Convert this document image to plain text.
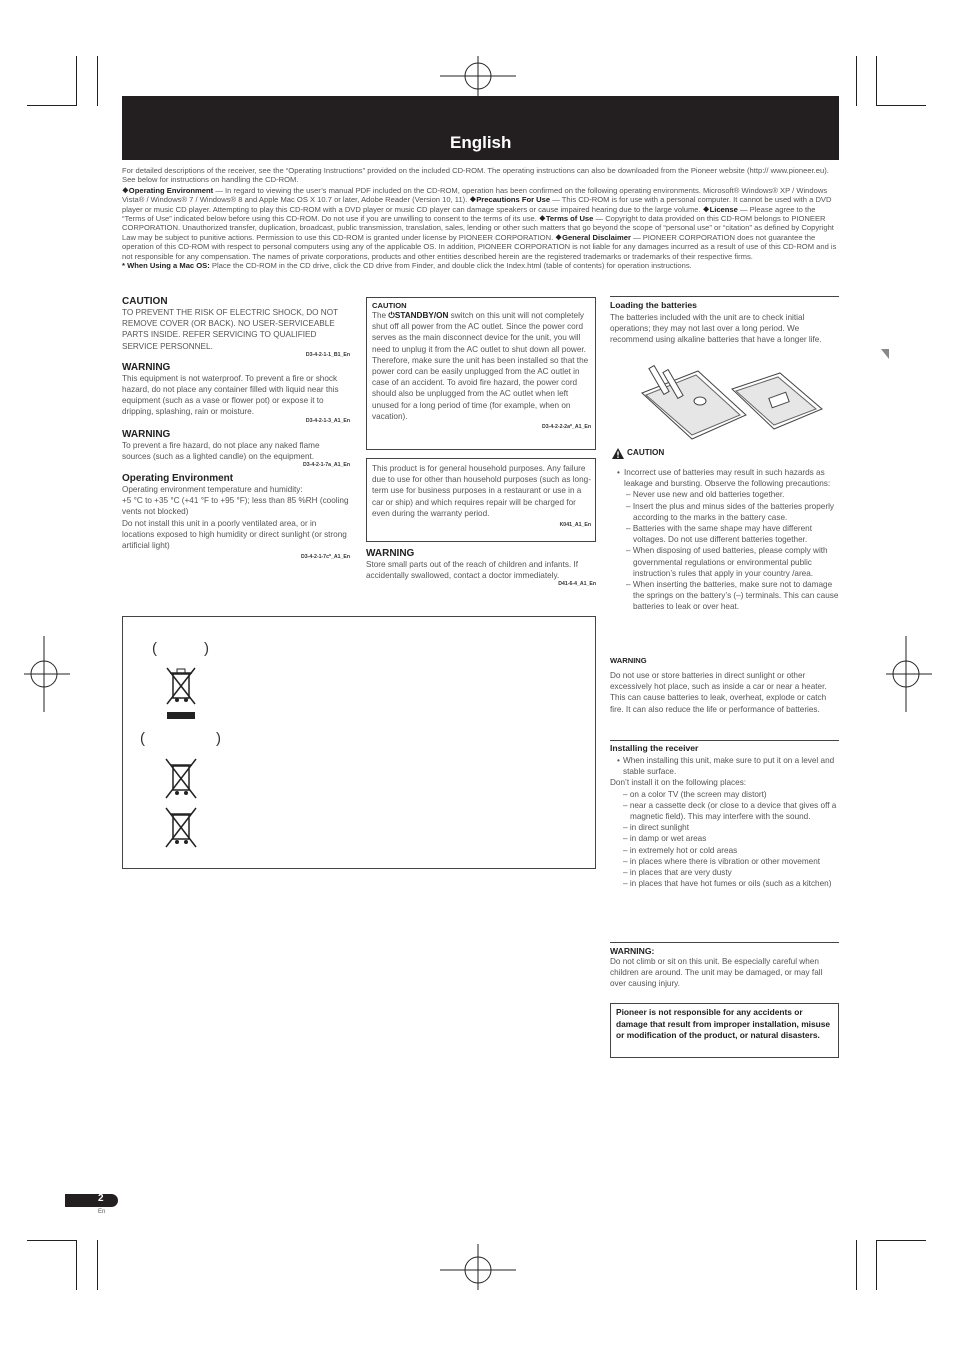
English
For detailed descriptions of the receiver, see the “Operating Instructions” provided on the included CD-ROM. The operating instructions can also be downloaded from the Pioneer website (http:// www.pioneer.eu). See below for instructions on handling the CD-ROM.
❖Operating Environment — In regard to viewing the user’s manual PDF included on the CD-ROM, operation has been confirmed on the following operating environments. Microsoft® Windows® XP / Windows Vista® / Windows® 7 / Windows® 8 and Apple Mac OS X 10.7 or later, Adobe Reader (Version 10, 11). ❖Precautions For Use — This CD-ROM is for use with a personal computer. It cannot be used with a DVD player or music CD player. Attempting to play this CD-ROM with a DVD player or music CD player can damage speakers or cause impaired hearing due to the large volume. ❖License — Please agree to the “Terms of Use” indicated below before using this CD-ROM. Do not use if you are unwilling to consent to the terms of its use. ❖Terms of Use — Copyright to data provided on this CD-ROM belongs to PIONEER CORPORATION. Unauthorized transfer, duplication, broadcast, public transmission, translation, sales, lending or other such matters that go beyond the scope of “personal use” or “citation” as defined by Copyright Law may be subject to punitive actions. Permission to use this CD-ROM is granted under license by PIONEER CORPORATION. ❖General Disclaimer — PIONEER CORPORATION does not guarantee the operation of this CD-ROM with respect to personal computers using any of the applicable OS. In addition, PIONEER CORPORATION is not liable for any damages incurred as a result of use of this CD-ROM and is not responsible for any compensation. The names of private corporations, products and other entities described herein are the registered trademarks or trademarks of their respective firms.
* When Using a Mac OS: Place the CD-ROM in the CD drive, click the CD drive from Finder, and double click the Index.html (table of contents) for operation instructions.
CAUTION
TO PREVENT THE RISK OF ELECTRIC SHOCK, DO NOT REMOVE COVER (OR BACK). NO USER-SERVICEABLE PARTS INSIDE. REFER SERVICING TO QUALIFIED SERVICE PERSONNEL.
D3-4-2-1-1_B1_En
WARNING
This equipment is not waterproof. To prevent a fire or shock hazard, do not place any container filled with liquid near this equipment (such as a vase or flower pot) or expose it to dripping, splashing, rain or moisture.
D3-4-2-1-3_A1_En
WARNING
To prevent a fire hazard, do not place any naked flame sources (such as a lighted candle) on the equipment.
D3-4-2-1-7a_A1_En
Operating Environment
Operating environment temperature and humidity:
+5 °C to +35 °C (+41 °F to +95 °F); less than 85 %RH (cooling vents not blocked)
Do not install this unit in a poorly ventilated area, or in locations exposed to high humidity or direct sunlight (or strong artificial light)
D3-4-2-1-7c*_A1_En
CAUTION
The ⏻STANDBY/ON switch on this unit will not completely shut off all power from the AC outlet. Since the power cord serves as the main disconnect device for the unit, you will need to unplug it from the AC outlet to shut down all power. Therefore, make sure the unit has been installed so that the power cord can be easily unplugged from the AC outlet in case of an accident. To avoid fire hazard, the power cord should also be unplugged from the AC outlet when left unused for a long period of time (for example, when on vacation).
D3-4-2-2-2a*_A1_En
This product is for general household purposes. Any failure due to use for other than household purposes (such as long-term use for business purposes in a restaurant or use in a car or ship) and which requires repair will be charged for even during the warranty period.
K041_A1_En
WARNING
Store small parts out of the reach of children and infants. If accidentally swallowed, contact a doctor immediately.
D41-6-4_A1_En
(	)
(	)
Loading the batteries
The batteries included with the unit are to check initial operations; they may not last over a long period. We recommend using alkaline batteries that have a longer life.
CAUTION
• Incorrect use of batteries may result in such hazards as leakage and bursting. Observe the following precautions:
– Never use new and old batteries together.
– Insert the plus and minus sides of the batteries properly according to the marks in the battery case.
– Batteries with the same shape may have different voltages. Do not use different batteries together.
– When disposing of used batteries, please comply with governmental regulations or environmental public instruction’s rules that apply in your country /area.
– When inserting the batteries, make sure not to damage the springs on the battery’s (–) terminals. This can cause batteries to leak or over heat.
WARNING
Do not use or store batteries in direct sunlight or other excessively hot place, such as inside a car or near a heater. This can cause batteries to leak, overheat, explode or catch fire. It can also reduce the life or performance of batteries.
Installing the receiver
• When installing this unit, make sure to put it on a level and stable surface.
Don’t install it on the following places:
– on a color TV (the screen may distort)
– near a cassette deck (or close to a device that gives off a magnetic field). This may interfere with the sound.
– in direct sunlight
– in damp or wet areas
– in extremely hot or cold areas
– in places where there is vibration or other movement
– in places that are very dusty
– in places that have hot fumes or oils (such as a kitchen)
WARNING:
Do not climb or sit on this unit. Be especially careful when children are around. The unit may be damaged, or may fall over causing injury.
Pioneer is not responsible for any accidents or damage that result from improper installation, misuse or modification of the product, or natural disasters.
2
En
